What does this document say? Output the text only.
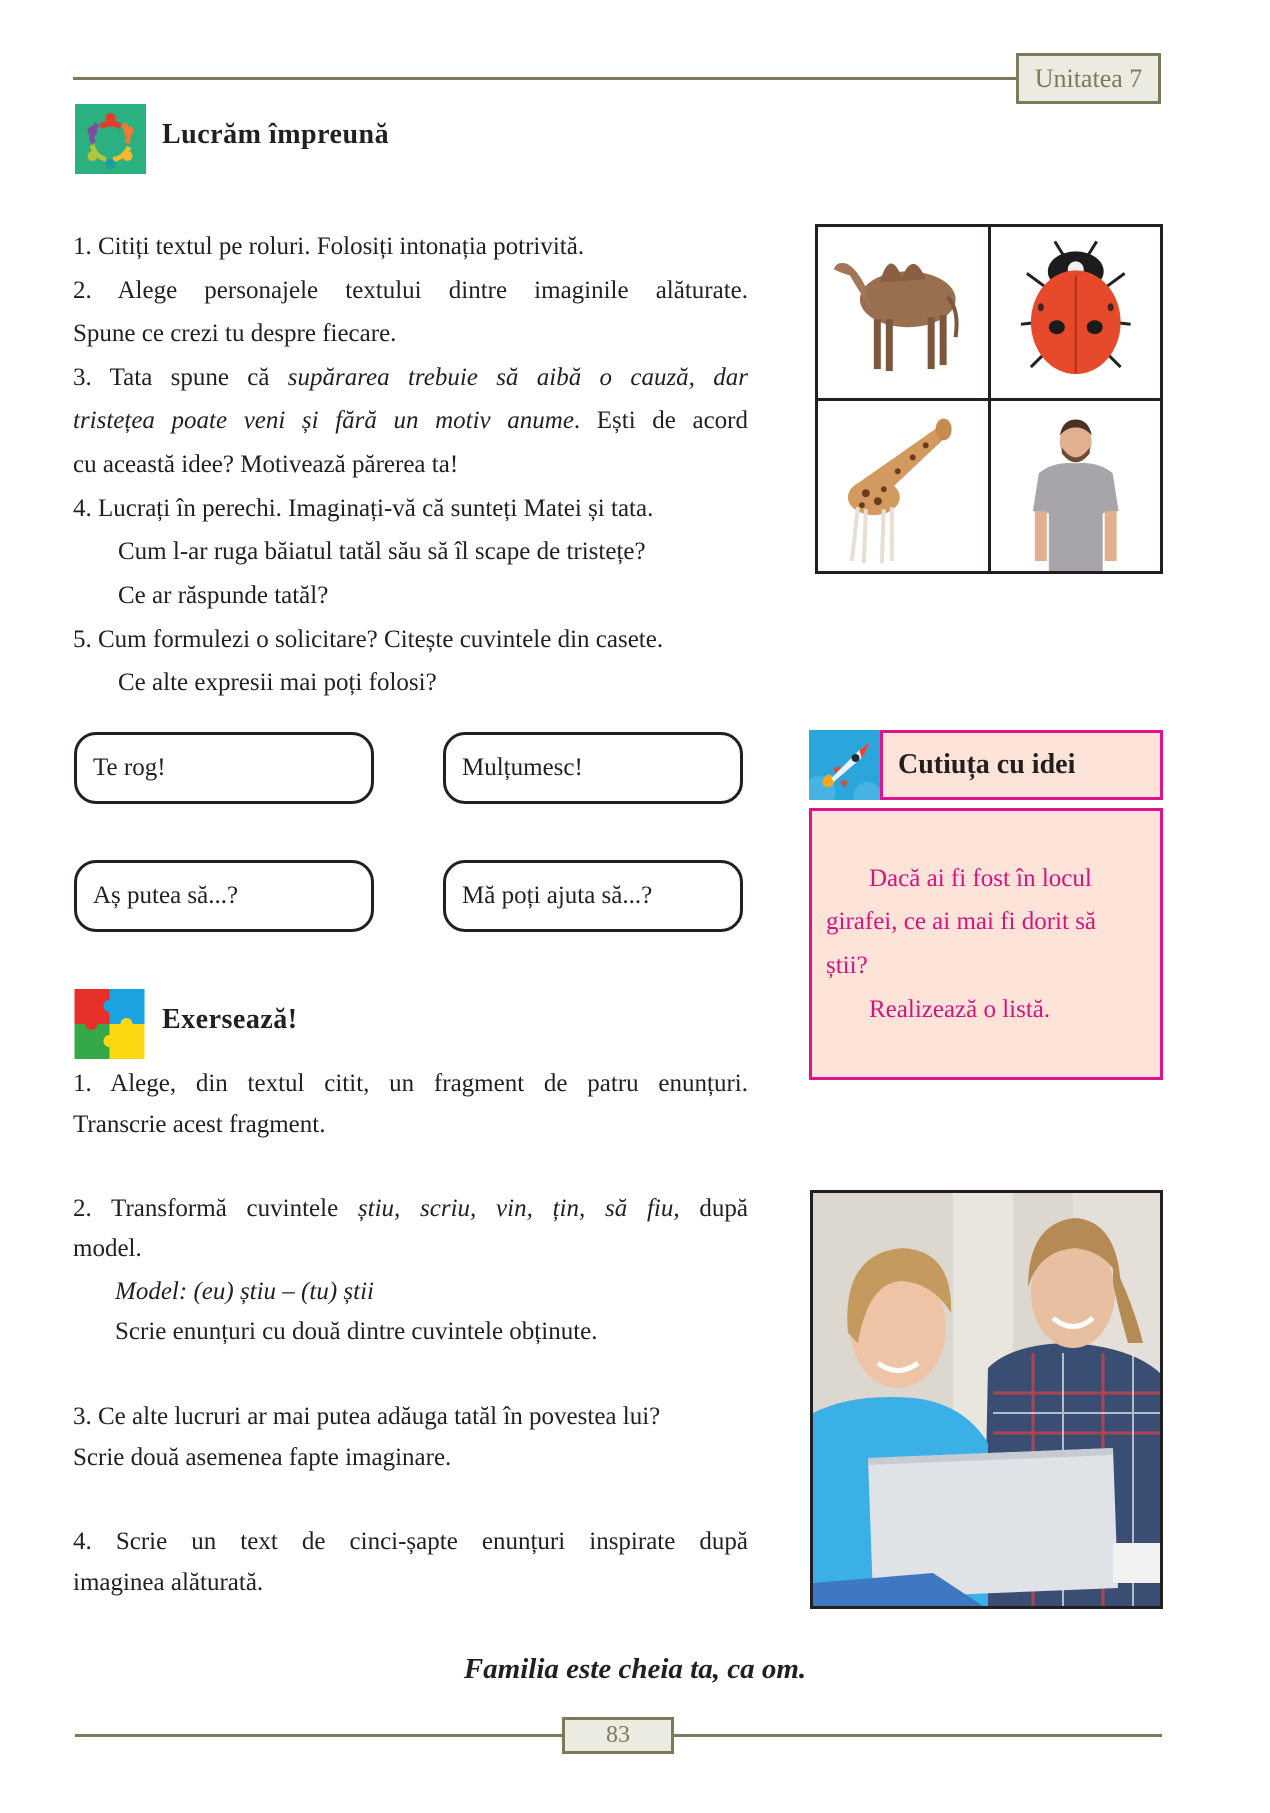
Unitatea 7
Lucrăm împreună
1. Citiți textul pe roluri. Folosiți intonația potrivită.
2. Alege personajele textului dintre imaginile alăturate.
Spune ce crezi tu despre fiecare.
3. Tata spune că supărarea trebuie să aibă o cauză, dar
tristețea poate veni și fără un motiv anume. Ești de acord
cu această idee? Motivează părerea ta!
4. Lucrați în perechi. Imaginați-vă că sunteți Matei și tata.
Cum l-ar ruga băiatul tatăl său să îl scape de tristețe?
Ce ar răspunde tatăl?
5. Cum formulezi o solicitare? Citește cuvintele din casete.
Ce alte expresii mai poți folosi?
Te rog!	Mulțumesc!
Aș putea să...?	Mă poți ajuta să...?
Cutiuța cu idei
Dacă ai fi fost în locul
girafei, ce ai mai fi dorit să
știi?
Realizează o listă.
Exersează!
1. Alege, din textul citit, un fragment de patru enunțuri.
Transcrie acest fragment.
2. Transformă cuvintele știu, scriu, vin, țin, să fiu, după
model.
Model: (eu) știu – (tu) știi
Scrie enunțuri cu două dintre cuvintele obținute.
3. Ce alte lucruri ar mai putea adăuga tatăl în povestea lui?
Scrie două asemenea fapte imaginare.
4. Scrie un text de cinci-șapte enunțuri inspirate după
imaginea alăturată.
Familia este cheia ta, ca om.
83
